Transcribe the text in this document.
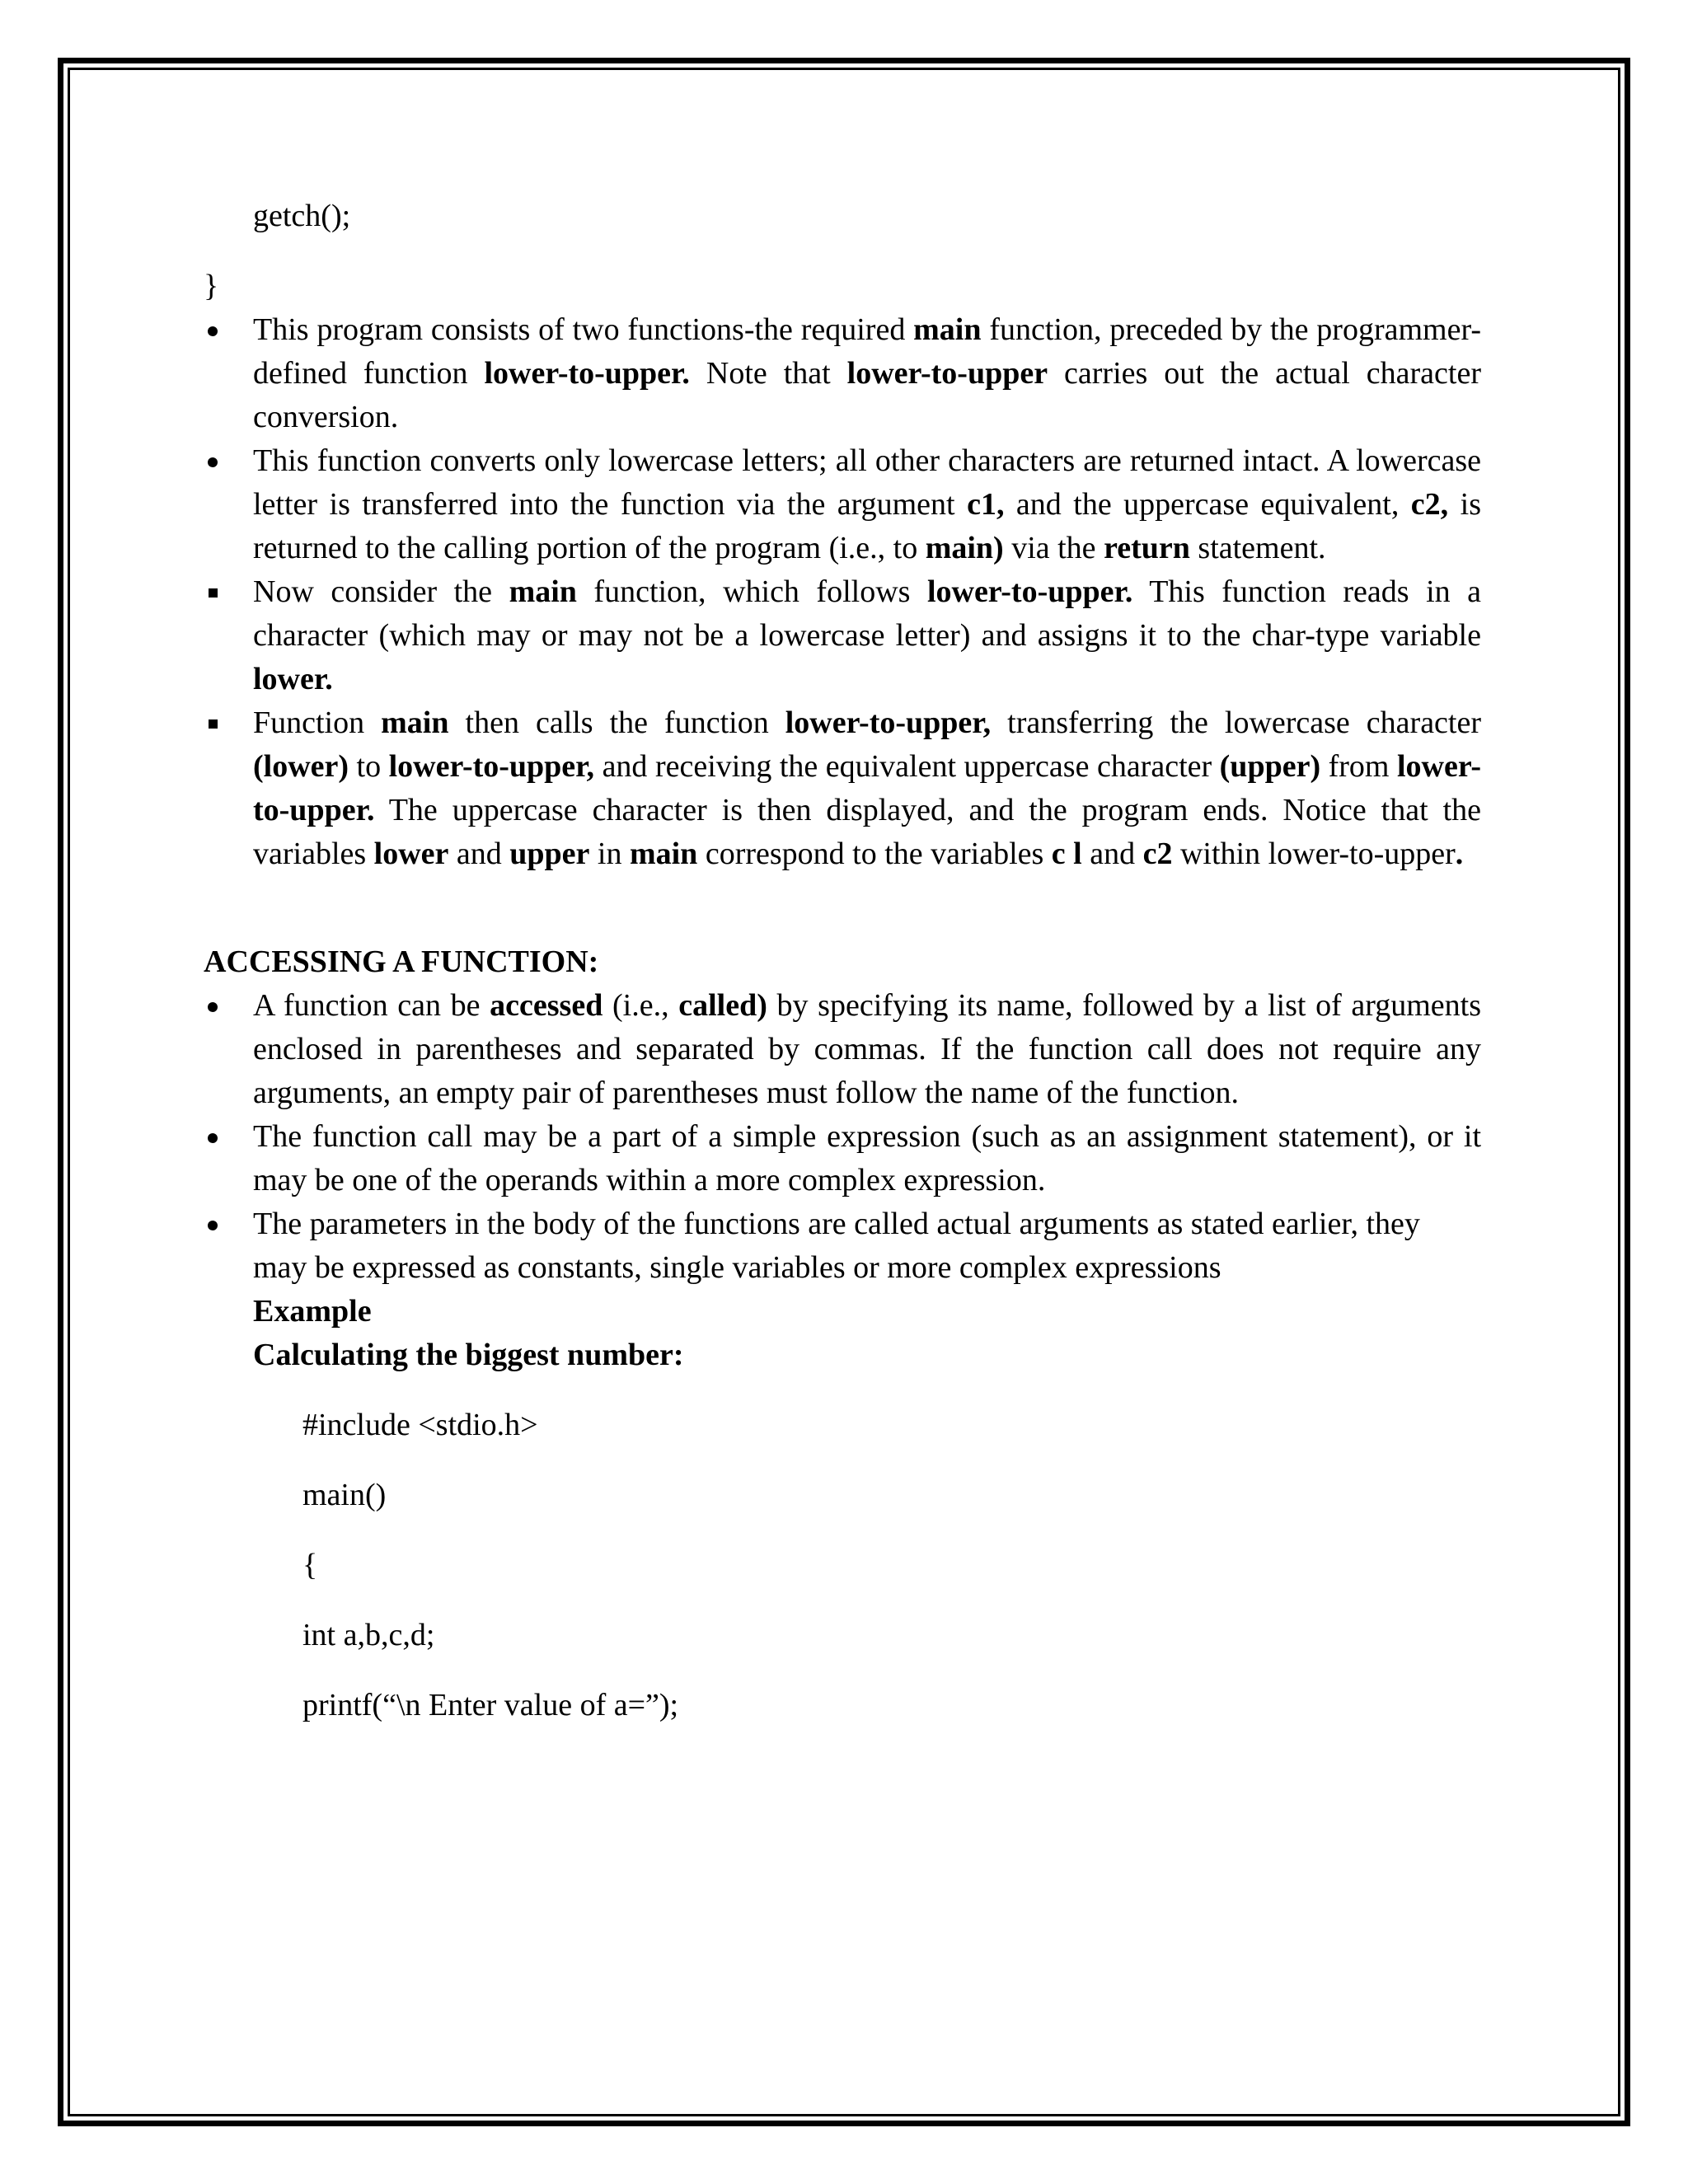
getch();

}

This program consists of two functions-the required main function, preceded by the programmer-defined function lower-to-upper. Note that lower-to-upper carries out the actual character conversion.
This function converts only lowercase letters; all other characters are returned intact. A lowercase letter is transferred into the function via the argument c1, and the uppercase equivalent, c2, is returned to the calling portion of the program (i.e., to main) via the return statement.
Now consider the main function, which follows lower-to-upper. This function reads in a character (which may or may not be a lowercase letter) and assigns it to the char-type variable lower.
Function main then calls the function lower-to-upper, transferring the lowercase character (lower) to lower-to-upper, and receiving the equivalent uppercase character (upper) from lower-to-upper. The uppercase character is then displayed, and the program ends. Notice that the variables lower and upper in main correspond to the variables c l and c2 within lower-to-upper.

ACCESSING A FUNCTION:

A function can be accessed (i.e., called) by specifying its name, followed by a list of arguments enclosed in parentheses and separated by commas. If the function call does not require any arguments, an empty pair of parentheses must follow the name of the function.
The function call may be a part of a simple expression (such as an assignment statement), or it may be one of the operands within a more complex expression.
The parameters in the body of the functions are called actual arguments as stated earlier, they may be expressed as constants, single variables or more complex expressions
Example

Calculating the biggest number:

#include <stdio.h>

main()

{

int a,b,c,d;

printf(“\n Enter value of a=”);
